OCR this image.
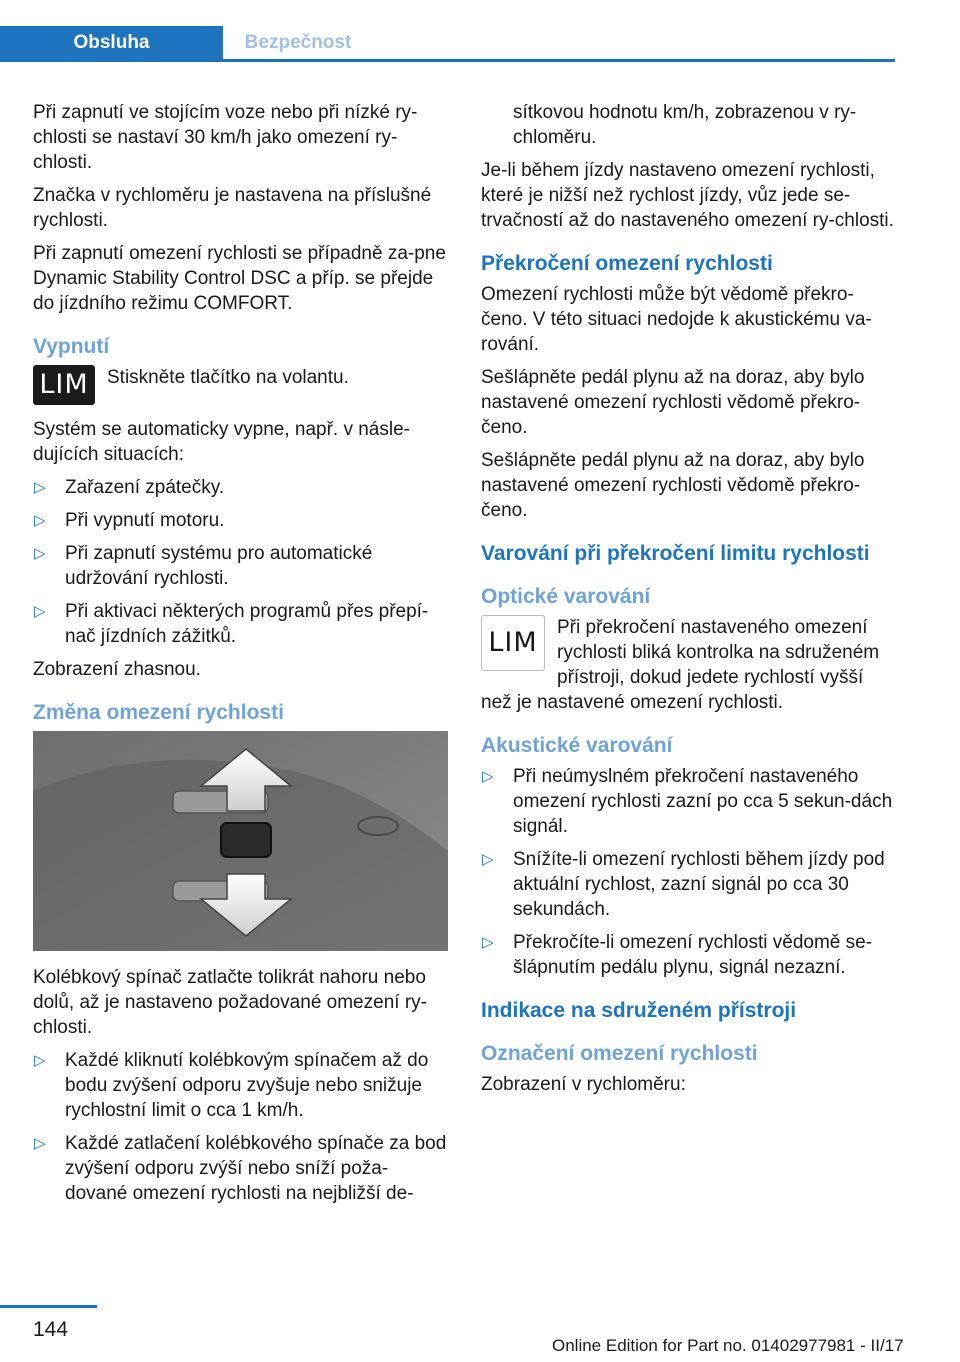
Obsluha	Bezpečnost

Při zapnutí ve stojícím voze nebo při nízké ry‐chlosti se nastaví 30 km/h jako omezení ry‐chlosti.

Značka v rychloměru je nastavena na příslušné rychlosti.

Při zapnutí omezení rychlosti se případně za‐pne Dynamic Stability Control DSC a příp. se přejde do jízdního režimu COMFORT.

Vypnutí
LIM Stiskněte tlačítko na volantu.

Systém se automaticky vypne, např. v násle‐dujících situacích:

▷ Zařazení zpátečky.
▷ Při vypnutí motoru.
▷ Při zapnutí systému pro automatické udržování rychlosti.
▷ Při aktivaci některých programů přes přepí‐nač jízdních zážitků.

Zobrazení zhasnou.

Změna omezení rychlosti

Kolébkový spínač zatlačte tolikrát nahoru nebo dolů, až je nastaveno požadované omezení ry‐chlosti.

▷ Každé kliknutí kolébkovým spínačem až do bodu zvýšení odporu zvyšuje nebo snižuje rychlostní limit o cca 1 km/h.
▷ Každé zatlačení kolébkového spínače za bod zvýšení odporu zvýší nebo sníží poža‐dované omezení rychlosti na nejbližší de‐

sítkovou hodnotu km/h, zobrazenou v ry‐chloměru.

Je-li během jízdy nastaveno omezení rychlosti, které je nižší než rychlost jízdy, vůz jede se‐trvačností až do nastaveného omezení ry‐chlosti.

Překročení omezení rychlosti

Omezení rychlosti může být vědomě překro‐čeno. V této situaci nedojde k akustickému va‐rování.

Sešlápněte pedál plynu až na doraz, aby bylo nastavené omezení rychlosti vědomě překro‐čeno.

Sešlápněte pedál plynu až na doraz, aby bylo nastavené omezení rychlosti vědomě překro‐čeno.

Varování při překročení limitu rychlosti
Optické varování
LIM	Při překročení nastaveného omezení rychlosti bliká kontrolka na sdruženém přístroji, dokud jedete rychlostí vyšší než je nastavené omezení rychlosti.
Akustické varování
▷ Při neúmyslném překročení nastaveného omezení rychlosti zazní po cca 5 sekun‐dách signál.
▷ Snížíte-li omezení rychlosti během jízdy pod aktuální rychlost, zazní signál po cca 30 sekundách.
▷ Překročíte-li omezení rychlosti vědomě se‐šlápnutím pedálu plynu, signál nezazní.
Indikace na sdruženém přístroji
Označení omezení rychlosti

Zobrazení v rychloměru:

144
Online Edition for Part no. 01402977981 - II/17
